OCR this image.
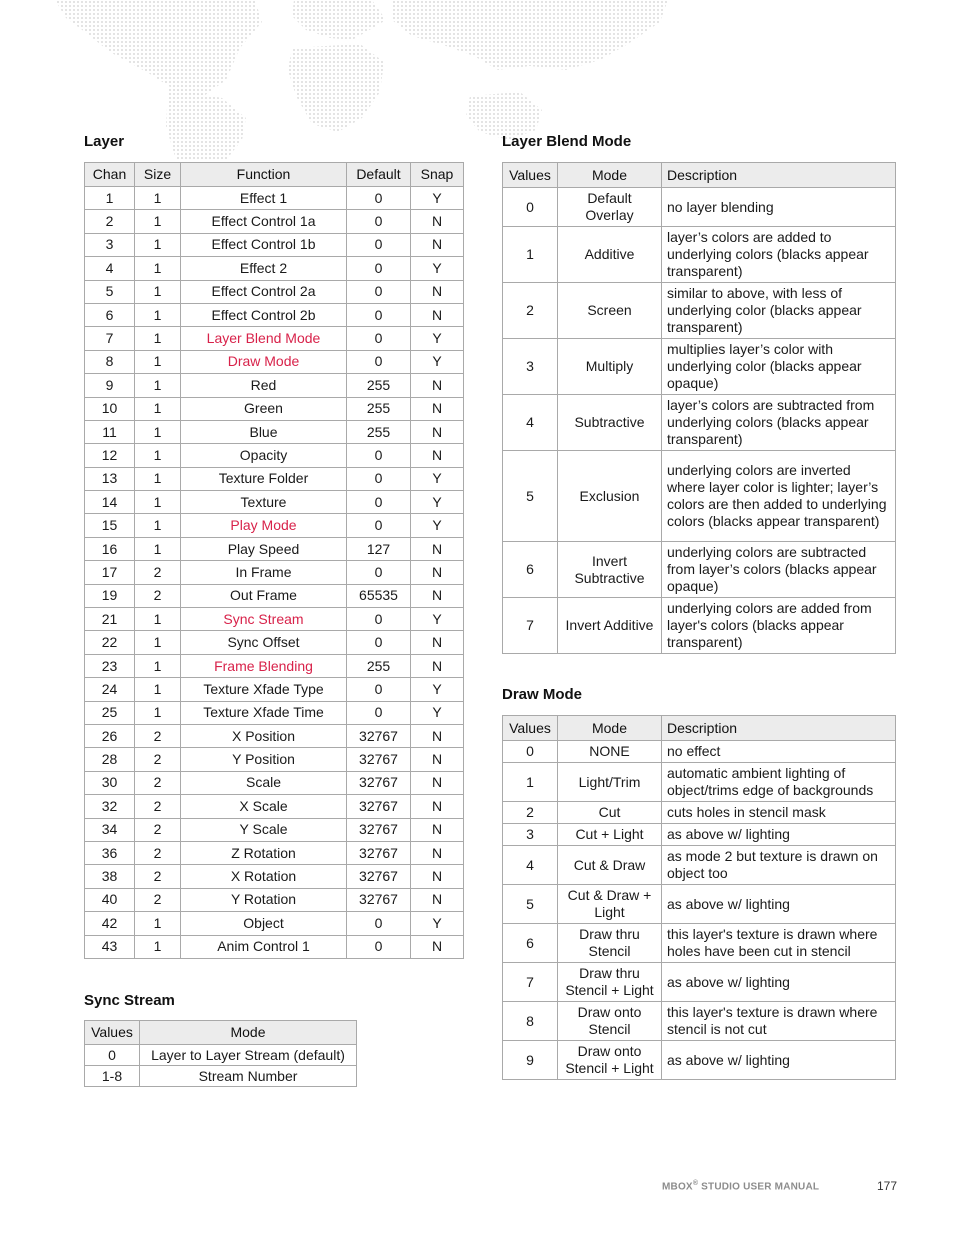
Layer
Chan	Size	Function	Default	Snap
1	1	Effect 1	0	Y
2	1	Effect Control 1a	0	N
3	1	Effect Control 1b	0	N
4	1	Effect 2	0	Y
5	1	Effect Control 2a	0	N
6	1	Effect Control 2b	0	N
7	1	Layer Blend Mode	0	Y
8	1	Draw Mode	0	Y
9	1	Red	255	N
10	1	Green	255	N
11	1	Blue	255	N
12	1	Opacity	0	N
13	1	Texture Folder	0	Y
14	1	Texture	0	Y
15	1	Play Mode	0	Y
16	1	Play Speed	127	N
17	2	In Frame	0	N
19	2	Out Frame	65535	N
21	1	Sync Stream	0	Y
22	1	Sync Offset	0	N
23	1	Frame Blending	255	N
24	1	Texture Xfade Type	0	Y
25	1	Texture Xfade Time	0	Y
26	2	X Position	32767	N
28	2	Y Position	32767	N
30	2	Scale	32767	N
32	2	X Scale	32767	N
34	2	Y Scale	32767	N
36	2	Z Rotation	32767	N
38	2	X Rotation	32767	N
40	2	Y Rotation	32767	N
42	1	Object	0	Y
43	1	Anim Control 1	0	N
Sync Stream
Values	Mode
0	Layer to Layer Stream (default)
1-8	Stream Number
Layer Blend Mode
Values	Mode	Description
0	Default Overlay	no layer blending
1	Additive	layer’s colors are added to underlying colors (blacks appear transparent)
2	Screen	similar to above, with less of underlying color (blacks appear transparent)
3	Multiply	multiplies layer’s color with underlying color (blacks appear opaque)
4	Subtractive	layer’s colors are subtracted from underlying colors (blacks appear transparent)
5	Exclusion	underlying colors are inverted where layer color is lighter; layer’s colors are then added to underlying colors (blacks appear transparent)
6	Invert Subtractive	underlying colors are subtracted from layer’s colors (blacks appear opaque)
7	Invert Additive	underlying colors are added from layer's colors (blacks appear transparent)
Draw Mode
Values	Mode	Description
0	NONE	no effect
1	Light/Trim	automatic ambient lighting of object/trims edge of backgrounds
2	Cut	cuts holes in stencil mask
3	Cut + Light	as above w/ lighting
4	Cut & Draw	as mode 2 but texture is drawn on object too
5	Cut & Draw + Light	as above w/ lighting
6	Draw thru Stencil	this layer's texture is drawn where holes have been cut in stencil
7	Draw thru Stencil + Light	as above w/ lighting
8	Draw onto Stencil	this layer's texture is drawn where stencil is not cut
9	Draw onto Stencil + Light	as above w/ lighting
MBOX® STUDIO USER MANUAL	177
